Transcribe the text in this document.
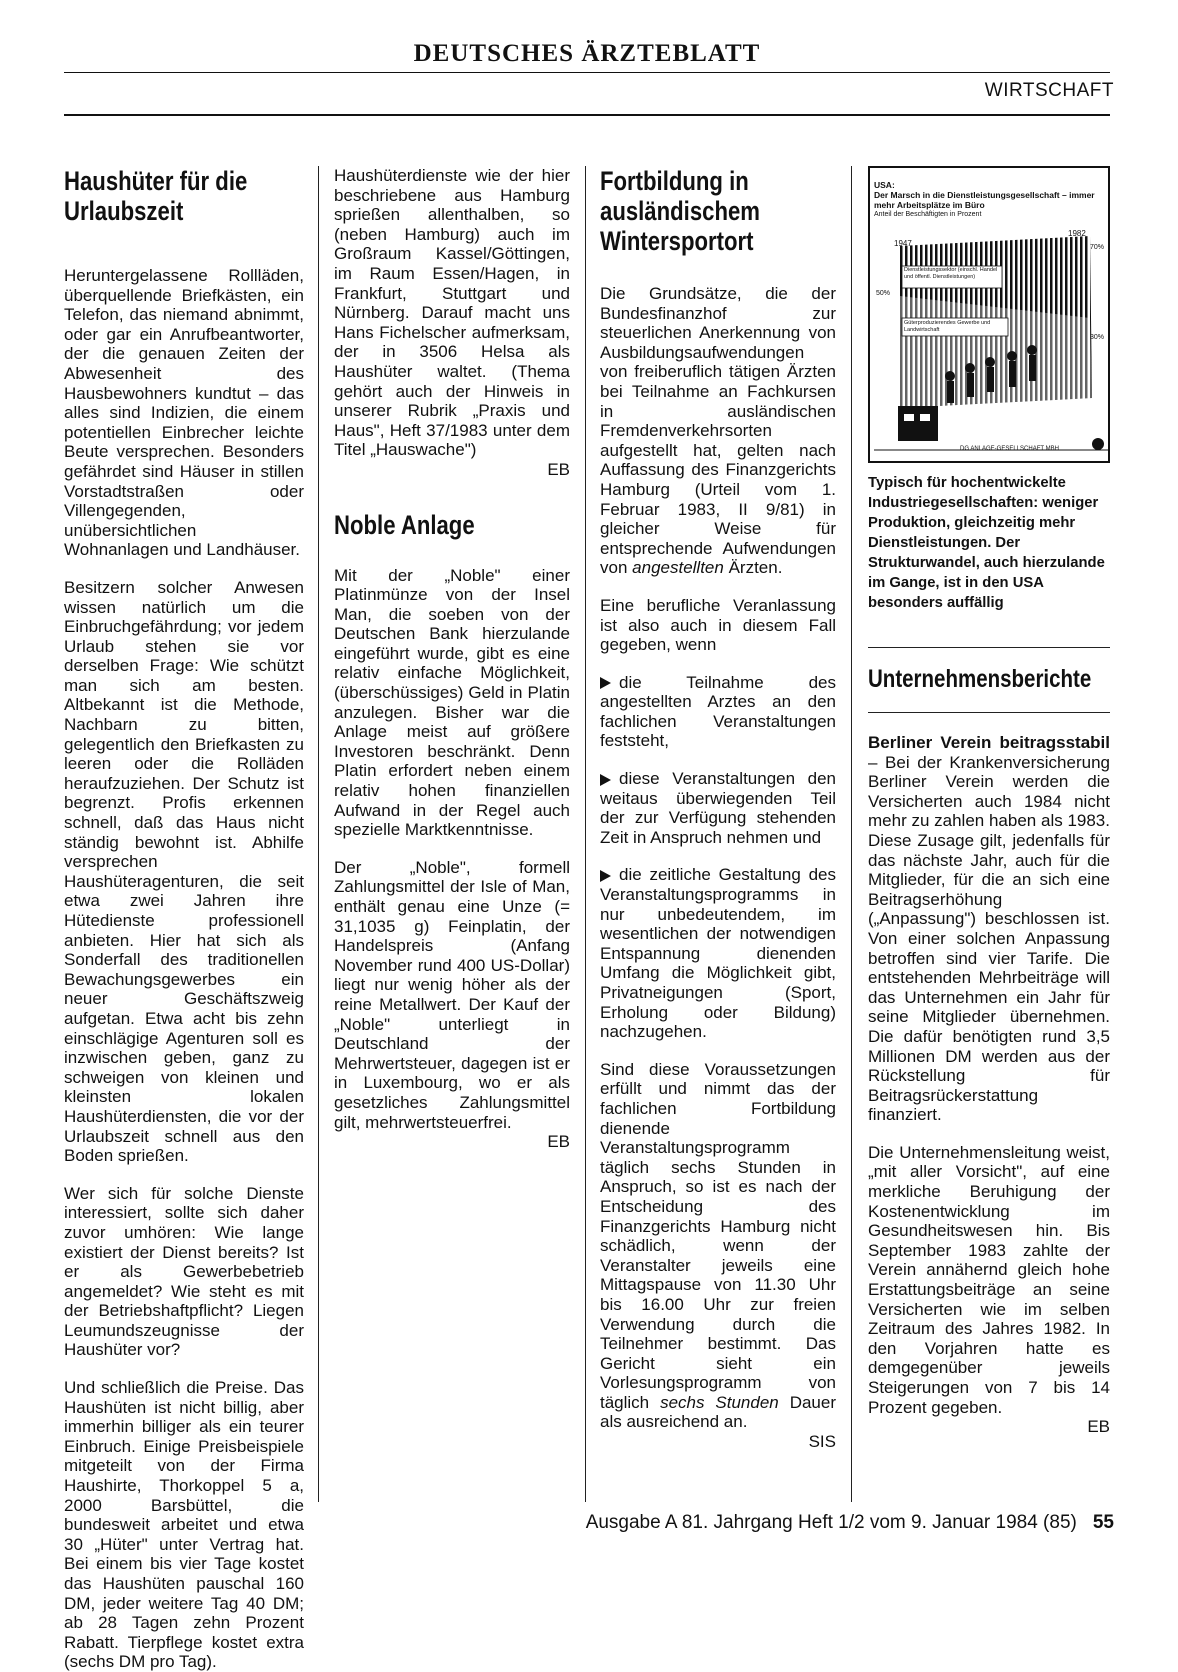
DEUTSCHES ÄRZTEBLATT
WIRTSCHAFT
Haushüter für die Urlaubszeit

Heruntergelassene Rollläden, überquellende Briefkästen, ein Telefon, das niemand abnimmt, oder gar ein Anrufbeantworter, der die genauen Zeiten der Abwesenheit des Hausbewohners kundtut – das alles sind Indizien, die einem potentiellen Einbrecher leichte Beute versprechen. Besonders gefährdet sind Häuser in stillen Vorstadtstraßen oder Villengegenden, unübersichtlichen Wohnanlagen und Landhäuser.

Besitzern solcher Anwesen wissen natürlich um die Einbruchgefährdung; vor jedem Urlaub stehen sie vor derselben Frage: Wie schützt man sich am besten. Altbekannt ist die Methode, Nachbarn zu bitten, gelegentlich den Briefkasten zu leeren oder die Rolläden heraufzuziehen. Der Schutz ist begrenzt. Profis erkennen schnell, daß das Haus nicht ständig bewohnt ist. Abhilfe versprechen Haushüteragenturen, die seit etwa zwei Jahren ihre Hütedienste professionell anbieten. Hier hat sich als Sonderfall des traditionellen Bewachungsgewerbes ein neuer Geschäftszweig aufgetan. Etwa acht bis zehn einschlägige Agenturen soll es inzwischen geben, ganz zu schweigen von kleinen und kleinsten lokalen Haushüterdiensten, die vor der Urlaubszeit schnell aus den Boden sprießen.

Wer sich für solche Dienste interessiert, sollte sich daher zuvor umhören: Wie lange existiert der Dienst bereits? Ist er als Gewerbebetrieb angemeldet? Wie steht es mit der Betriebshaftpflicht? Liegen Leumundszeugnisse der Haushüter vor?

Und schließlich die Preise. Das Haushüten ist nicht billig, aber immerhin billiger als ein teurer Einbruch. Einige Preisbeispiele mitgeteilt von der Firma Haushirte, Thorkoppel 5 a, 2000 Barsbüttel, die bundesweit arbeitet und etwa 30 „Hüter" unter Vertrag hat. Bei einem bis vier Tage kostet das Haushüten pauschal 160 DM, jeder weitere Tag 40 DM; ab 28 Tagen zehn Prozent Rabatt. Tierpflege kostet extra (sechs DM pro Tag).

Haushüterdienste wie der hier beschriebene aus Hamburg sprießen allenthalben, so (neben Hamburg) auch im Großraum Kassel/Göttingen, im Raum Essen/Hagen, in Frankfurt, Stuttgart und Nürnberg. Darauf macht uns Hans Fichelscher aufmerksam, der in 3506 Helsa als Haushüter waltet. (Thema gehört auch der Hinweis in unserer Rubrik „Praxis und Haus", Heft 37/1983 unter dem Titel „Hauswache")

EB
Noble Anlage

Mit der „Noble" einer Platinmünze von der Insel Man, die soeben von der Deutschen Bank hierzulande eingeführt wurde, gibt es eine relativ einfache Möglichkeit, (überschüssiges) Geld in Platin anzulegen. Bisher war die Anlage meist auf größere Investoren beschränkt. Denn Platin erfordert neben einem relativ hohen finanziellen Aufwand in der Regel auch spezielle Marktkenntnisse.

Der „Noble", formell Zahlungsmittel der Isle of Man, enthält genau eine Unze (= 31,1035 g) Feinplatin, der Handelspreis (Anfang November rund 400 US-Dollar) liegt nur wenig höher als der reine Metallwert. Der Kauf der „Noble" unterliegt in Deutschland der Mehrwertsteuer, dagegen ist er in Luxembourg, wo er als gesetzliches Zahlungsmittel gilt, mehrwertsteuerfrei.

EB
Fortbildung in ausländischem Wintersportort

Die Grundsätze, die der Bundesfinanzhof zur steuerlichen Anerkennung von Ausbildungsaufwendungen von freiberuflich tätigen Ärzten bei Teilnahme an Fachkursen in ausländischen Fremdenverkehrsorten aufgestellt hat, gelten nach Auffassung des Finanzgerichts Hamburg (Urteil vom 1. Februar 1983, II 9/81) in gleicher Weise für entsprechende Aufwendungen von angestellten Ärzten.

Eine berufliche Veranlassung ist also auch in diesem Fall gegeben, wenn

die Teilnahme des angestellten Arztes an den fachlichen Veranstaltungen feststeht,

diese Veranstaltungen den weitaus überwiegenden Teil der zur Verfügung stehenden Zeit in Anspruch nehmen und

die zeitliche Gestaltung des Veranstaltungsprogramms in nur unbedeutendem, im wesentlichen der notwendigen Entspannung dienenden Umfang die Möglichkeit gibt, Privatneigungen (Sport, Erholung oder Bildung) nachzugehen.

Sind diese Voraussetzungen erfüllt und nimmt das der fachlichen Fortbildung dienende Veranstaltungsprogramm täglich sechs Stunden in Anspruch, so ist es nach der Entscheidung des Finanzgerichts Hamburg nicht schädlich, wenn der Veranstalter jeweils eine Mittagspause von 11.30 Uhr bis 16.00 Uhr zur freien Verwendung durch die Teilnehmer bestimmt. Das Gericht sieht ein Vorlesungsprogramm von täglich sechs Stunden Dauer als ausreichend an.

SIS
USA:
Der Marsch in die Dienstleistungsgesellschaft – immer mehr Arbeitsplätze im Büro
Anteil der Beschäftigten in Prozent
1947
1982
70%
50%
30%
Dienstleistungssektor (einschl. Handel und öffentl. Dienstleistungen)
Güterproduzierendes Gewerbe und Landwirtschaft
DG ANLAGE-GESELLSCHAFT MBH
Typisch für hochentwickelte Industriegesellschaften: weniger Produktion, gleichzeitig mehr Dienstleistungen. Der Strukturwandel, auch hierzulande im Gange, ist in den USA besonders auffällig
Unternehmensberichte

Berliner Verein beitragsstabil – Bei der Krankenversicherung Berliner Verein werden die Versicherten auch 1984 nicht mehr zu zahlen haben als 1983. Diese Zusage gilt, jedenfalls für das nächste Jahr, auch für die Mitglieder, für die an sich eine Beitragserhöhung („Anpassung") beschlossen ist. Von einer solchen Anpassung betroffen sind vier Tarife. Die entstehenden Mehrbeiträge will das Unternehmen ein Jahr für seine Mitglieder übernehmen. Die dafür benötigten rund 3,5 Millionen DM werden aus der Rückstellung für Beitragsrückerstattung finanziert.

Die Unternehmensleitung weist, „mit aller Vorsicht", auf eine merkliche Beruhigung der Kostenentwicklung im Gesundheitswesen hin. Bis September 1983 zahlte der Verein annähernd gleich hohe Erstattungsbeiträge an seine Versicherten wie im selben Zeitraum des Jahres 1982. In den Vorjahren hatte es demgegenüber jeweils Steigerungen von 7 bis 14 Prozent gegeben.

EB
Ausgabe A 81. Jahrgang Heft 1/2 vom 9. Januar 1984 (85) 55
